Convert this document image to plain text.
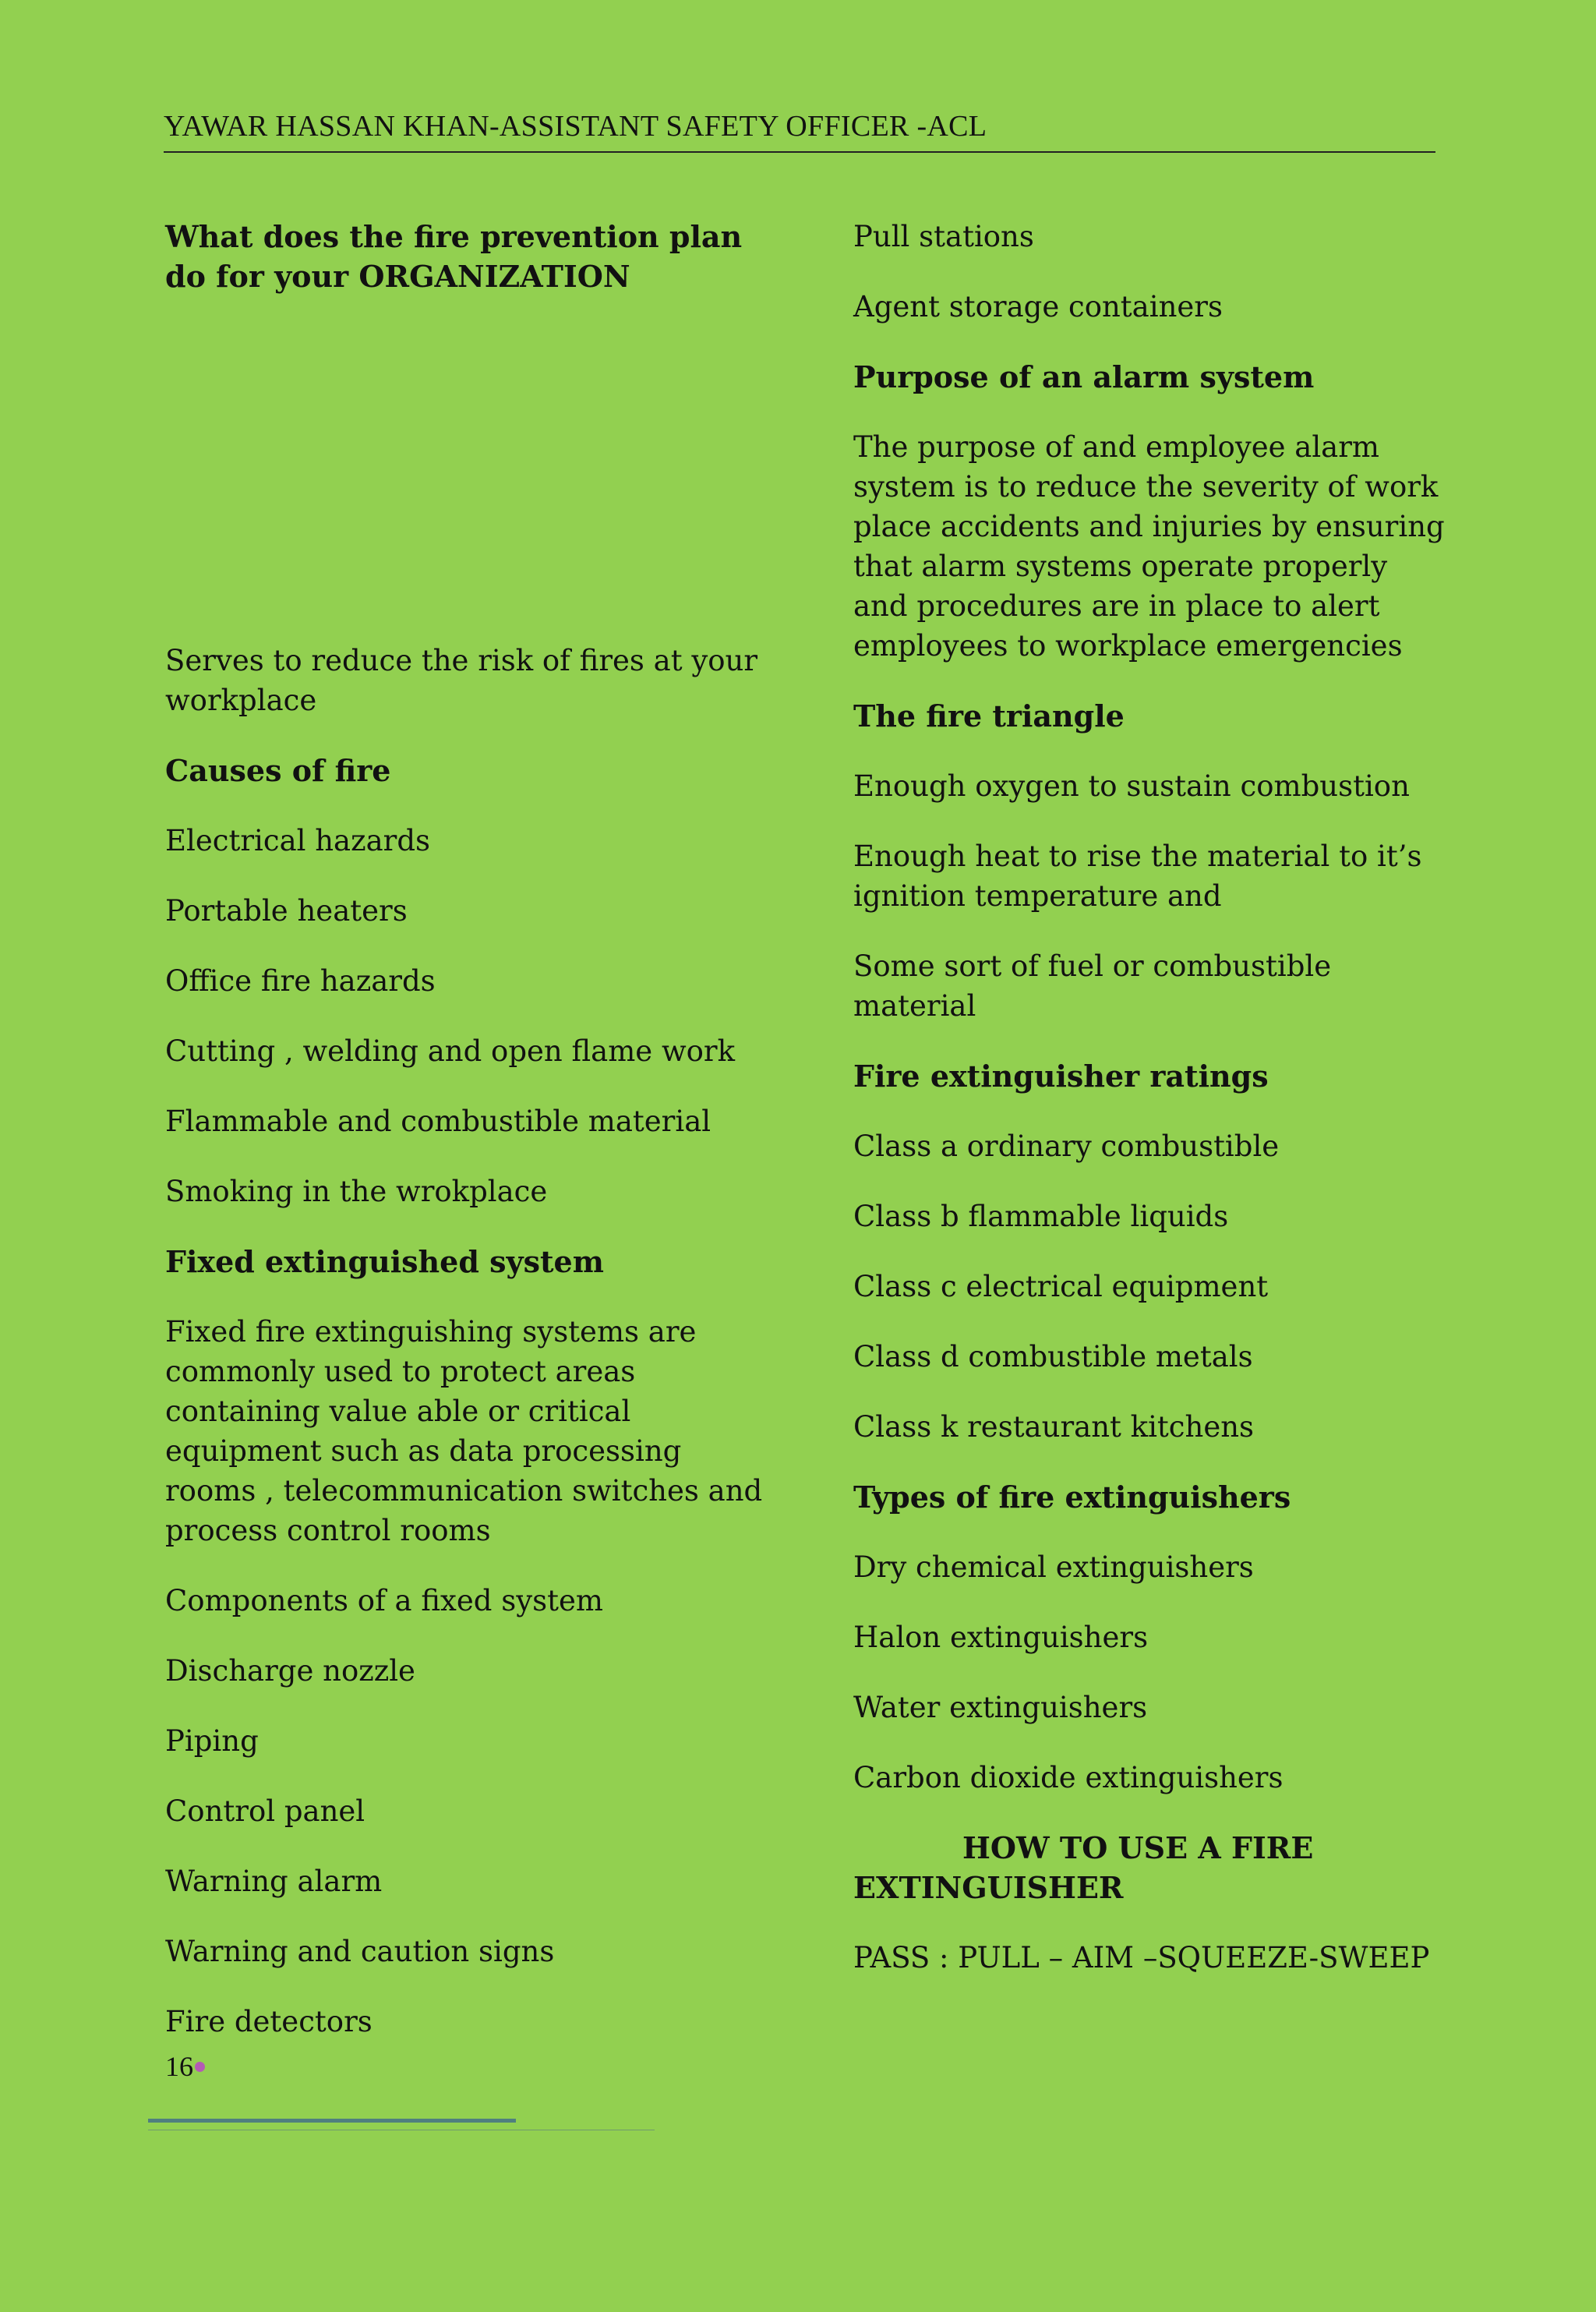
YAWAR HASSAN KHAN-ASSISTANT SAFETY OFFICER -ACL
What does the fire prevention plan do for your ORGANIZATION
Serves to reduce the risk of fires at your workplace
Causes of fire
Electrical hazards
Portable heaters
Office fire hazards
Cutting , welding and open flame work
Flammable and combustible material
Smoking in the wrokplace
Fixed extinguished system
Fixed fire extinguishing systems are commonly used to protect areas containing value able or critical equipment such as data processing rooms , telecommunication switches and process control rooms
Components of a fixed system
Discharge nozzle
Piping
Control panel
Warning alarm
Warning and caution signs
Fire detectors
Pull stations
Agent storage containers
Purpose of an alarm system
The purpose of and employee alarm system is to reduce the severity of work place accidents and injuries by ensuring that alarm systems operate properly and procedures are in place to alert employees to workplace emergencies
The fire triangle
Enough oxygen to sustain combustion
Enough heat to rise the material to it’s ignition temperature and
Some sort of fuel or combustible material
Fire extinguisher ratings
Class a ordinary combustible
Class b flammable liquids
Class c electrical equipment
Class d combustible metals
Class k restaurant kitchens
Types of fire extinguishers
Dry chemical extinguishers
Halon extinguishers
Water extinguishers
Carbon dioxide extinguishers
HOW TO USE A FIRE EXTINGUISHER
PASS : PULL – AIM –SQUEEZE-SWEEP
16
